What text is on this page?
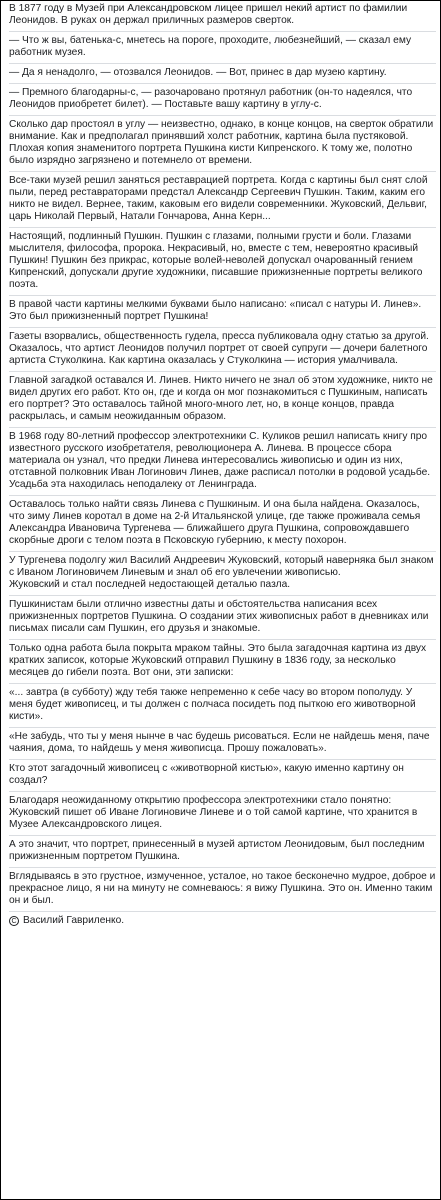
В 1877 году в Музей при Александровском лицее пришел некий артист по фамилии Леонидов. В руках он держал приличных размеров сверток.

— Что ж вы, батенька-с, мнетесь на пороге, проходите, любезнейший, — сказал ему работник музея.

— Да я ненадолго, — отозвался Леонидов. — Вот, принес в дар музею картину.

— Премного благодарны-с, — разочаровано протянул работник (он-то надеялся, что Леонидов приобретет билет). — Поставьте вашу картину в углу-с.

Сколько дар простоял в углу — неизвестно, однако, в конце концов, на сверток обратили внимание. Как и предполагал принявший холст работник, картина была пустяковой. Плохая копия знаменитого портрета Пушкина кисти Кипренского. К тому же, полотно было изрядно загрязнено и потемнело от времени.

Все-таки музей решил заняться реставрацией портрета. Когда с картины был снят слой пыли, перед реставраторами предстал Александр Сергеевич Пушкин. Таким, каким его никто не видел. Вернее, таким, каковым его видели современники. Жуковский, Дельвиг, царь Николай Первый, Натали Гончарова, Анна Керн...

Настоящий, подлинный Пушкин. Пушкин с глазами, полными грусти и боли. Глазами мыслителя, философа, пророка. Некрасивый, но, вместе с тем, невероятно красивый Пушкин! Пушкин без прикрас, которые волей-неволей допускал очарованный гением Кипренский, допускали другие художники, писавшие прижизненные портреты великого поэта.

В правой части картины мелкими буквами было написано: «писал с натуры И. Линев».
Это был прижизненный портрет Пушкина!

Газеты взорвались, общественность гудела, пресса публиковала одну статью за другой. Оказалось, что артист Леонидов получил портрет от своей супруги — дочери балетного артиста Стуколкина. Как картина оказалась у Стуколкина — история умалчивала.

Главной загадкой оставался И. Линев. Никто ничего не знал об этом художнике, никто не видел других его работ. Кто он, где и когда он мог познакомиться с Пушкиным, написать его портрет? Это оставалось тайной много-много лет, но, в конце концов, правда раскрылась, и самым неожиданным образом.

В 1968 году 80-летний профессор электротехники С. Куликов решил написать книгу про известного русского изобретателя, революционера А. Линева. В процессе сбора материала он узнал, что предки Линева интересовались живописью и один из них, отставной полковник Иван Логинович Линев, даже расписал потолки в родовой усадьбе. Усадьба эта находилась неподалеку от Ленинграда.

Оставалось только найти связь Линева с Пушкиным. И она была найдена. Оказалось, что зиму Линев коротал в доме на 2-й Итальянской улице, где также проживала семья Александра Ивановича Тургенева — ближайшего друга Пушкина, сопровождавшего скорбные дроги с телом поэта в Псковскую губернию, к месту похорон.

У Тургенева подолгу жил Василий Андреевич Жуковский, который наверняка был знаком с Иваном Логиновичем Линевым и знал об его увлечении живописью.
Жуковский и стал последней недостающей деталью пазла.

Пушкинистам были отлично известны даты и обстоятельства написания всех прижизненных портретов Пушкина. О создании этих живописных работ в дневниках или письмах писали сам Пушкин, его друзья и знакомые.

Только одна работа была покрыта мраком тайны. Это была загадочная картина из двух кратких записок, которые Жуковский отправил Пушкину в 1836 году, за несколько месяцев до гибели поэта. Вот они, эти записки:

«... завтра (в субботу) жду тебя также непременно к себе часу во втором пополуду. У меня будет живописец, и ты должен с полчаса посидеть под пыткою его животворной кисти».

«Не забудь, что ты у меня нынче в час будешь рисоваться. Если не найдешь меня, паче чаяния, дома, то найдешь у меня живописца. Прошу пожаловать».

Кто этот загадочный живописец с «животворной кистью», какую именно картину он создал?

Благодаря неожиданному открытию профессора электротехники стало понятно: Жуковский пишет об Иване Логиновиче Линеве и о той самой картине, что хранится в Музее Александровского лицея.

А это значит, что портрет, принесенный в музей артистом Леонидовым, был последним прижизненным портретом Пушкина.

Вглядываясь в это грустное, измученное, усталое, но такое бесконечно мудрое, доброе и прекрасное лицо, я ни на минуту не сомневаюсь: я вижу Пушкина. Это он. Именно таким он и был.

C Василий Гавриленко.
